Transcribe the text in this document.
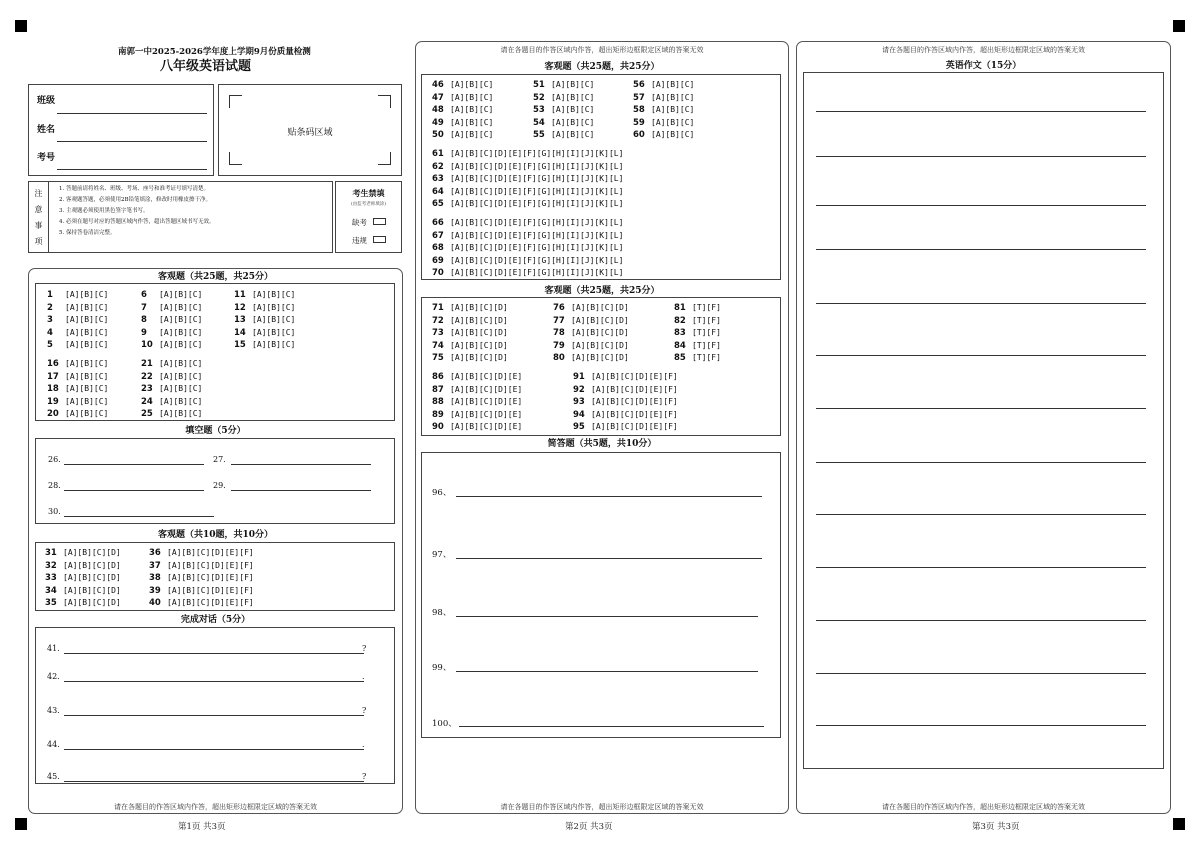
南郭一中2025-2026学年度上学期9月份质量检测
八年级英语试题
班级
姓名
考号
贴条码区域
注
意
事
项
1. 答题前请将姓名、班级、考场、座号和准考证号填写清楚。
2. 客观题答题，必须使用2B铅笔填涂，修改时用橡皮擦干净。
3. 主观题必须使用黑色签字笔书写。
4. 必须在题号对应的答题区域内作答，超出答题区域书写无效。
5. 保持答卷清洁完整。
考生禁填
(由监考老师填涂)
缺考
违规
客观题（共25题，共25分）
1 [A][B][C]
2 [A][B][C]
3 [A][B][C]
4 [A][B][C]
5 [A][B][C]
6 [A][B][C]
7 [A][B][C]
8 [A][B][C]
9 [A][B][C]
10 [A][B][C]
11 [A][B][C]
12 [A][B][C]
13 [A][B][C]
14 [A][B][C]
15 [A][B][C]
16 [A][B][C]
17 [A][B][C]
18 [A][B][C]
19 [A][B][C]
20 [A][B][C]
21 [A][B][C]
22 [A][B][C]
23 [A][B][C]
24 [A][B][C]
25 [A][B][C]
填空题（5分）
26.	27.
28.	29.
30.
客观题（共10题，共10分）
31 [A][B][C][D]
32 [A][B][C][D]
33 [A][B][C][D]
34 [A][B][C][D]
35 [A][B][C][D]
36 [A][B][C][D][E][F]
37 [A][B][C][D][E][F]
38 [A][B][C][D][E][F]
39 [A][B][C][D][E][F]
40 [A][B][C][D][E][F]
完成对话（5分）
41.	?
42.	.
43.	?
44.	.
45.	?
请在各题目的作答区域内作答，超出矩形边框限定区域的答案无效
第1页 共3页
请在各题目的作答区域内作答，超出矩形边框限定区域的答案无效
客观题（共25题，共25分）
46 [A][B][C]
47 [A][B][C]
48 [A][B][C]
49 [A][B][C]
50 [A][B][C]
51 [A][B][C]
52 [A][B][C]
53 [A][B][C]
54 [A][B][C]
55 [A][B][C]
56 [A][B][C]
57 [A][B][C]
58 [A][B][C]
59 [A][B][C]
60 [A][B][C]
61 [A][B][C][D][E][F][G][H][I][J][K][L]
62 [A][B][C][D][E][F][G][H][I][J][K][L]
63 [A][B][C][D][E][F][G][H][I][J][K][L]
64 [A][B][C][D][E][F][G][H][I][J][K][L]
65 [A][B][C][D][E][F][G][H][I][J][K][L]
66 [A][B][C][D][E][F][G][H][I][J][K][L]
67 [A][B][C][D][E][F][G][H][I][J][K][L]
68 [A][B][C][D][E][F][G][H][I][J][K][L]
69 [A][B][C][D][E][F][G][H][I][J][K][L]
70 [A][B][C][D][E][F][G][H][I][J][K][L]
客观题（共25题，共25分）
71 [A][B][C][D]
72 [A][B][C][D]
73 [A][B][C][D]
74 [A][B][C][D]
75 [A][B][C][D]
76 [A][B][C][D]
77 [A][B][C][D]
78 [A][B][C][D]
79 [A][B][C][D]
80 [A][B][C][D]
81 [T][F]
82 [T][F]
83 [T][F]
84 [T][F]
85 [T][F]
86 [A][B][C][D][E]
87 [A][B][C][D][E]
88 [A][B][C][D][E]
89 [A][B][C][D][E]
90 [A][B][C][D][E]
91 [A][B][C][D][E][F]
92 [A][B][C][D][E][F]
93 [A][B][C][D][E][F]
94 [A][B][C][D][E][F]
95 [A][B][C][D][E][F]
简答题（共5题，共10分）
96、
97、
98、
99、
100、
请在各题目的作答区域内作答，超出矩形边框限定区域的答案无效
第2页 共3页
请在各题目的作答区域内作答，超出矩形边框限定区域的答案无效
英语作文（15分）
请在各题目的作答区域内作答，超出矩形边框限定区域的答案无效
第3页 共3页
